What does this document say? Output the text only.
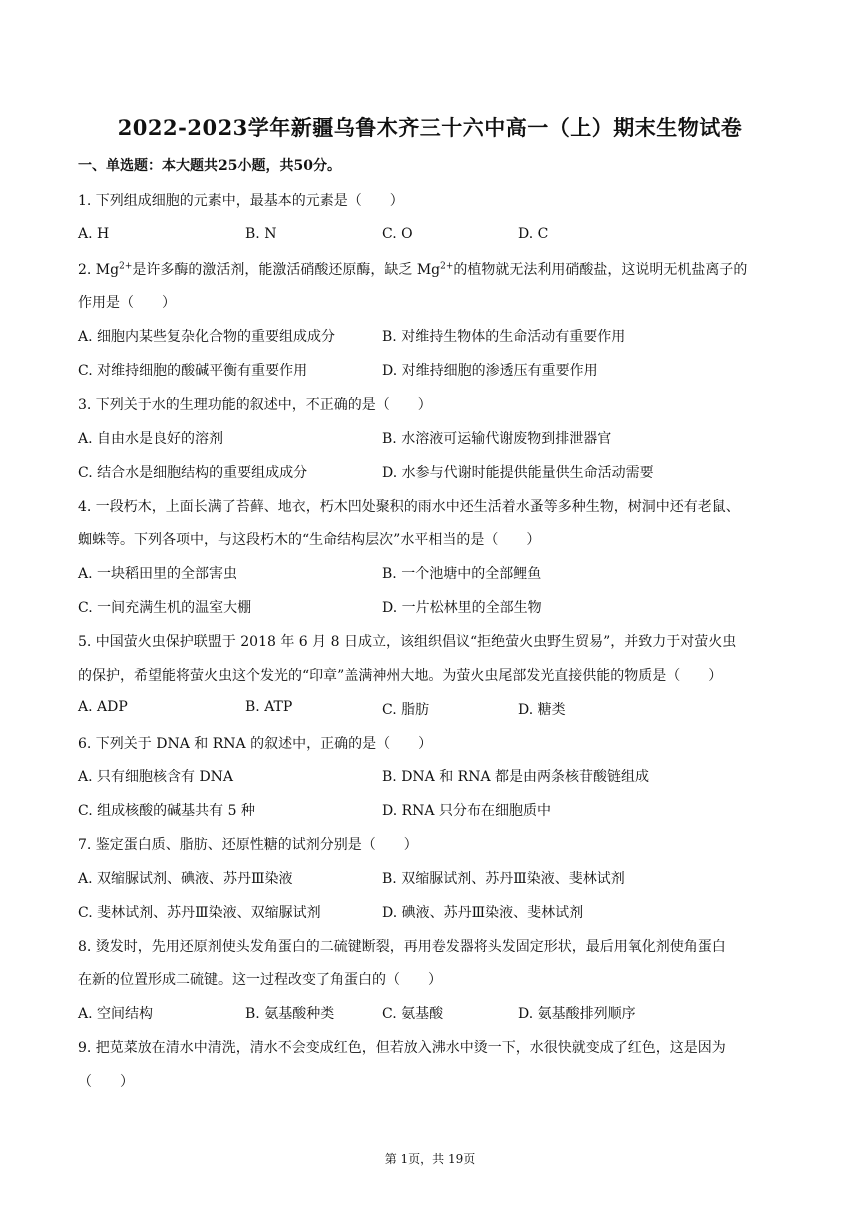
2022-2023学年新疆乌鲁木齐三十六中高一（上）期末生物试卷
一、单选题：本大题共25小题，共50分。
1. 下列组成细胞的元素中，最基本的元素是（　　）
A. H	B. N	C. O	D. C
2. $Mg^{2+}$是许多酶的激活剂，能激活硝酸还原酶，缺乏 $Mg^{2+}$的植物就无法利用硝酸盐，这说明无机盐离子的
作用是（　　）
A. 细胞内某些复杂化合物的重要组成成分	B. 对维持生物体的生命活动有重要作用
C. 对维持细胞的酸碱平衡有重要作用	D. 对维持细胞的渗透压有重要作用
3. 下列关于水的生理功能的叙述中，不正确的是（　　）
A. 自由水是良好的溶剂	B. 水溶液可运输代谢废物到排泄器官
C. 结合水是细胞结构的重要组成成分	D. 水参与代谢时能提供能量供生命活动需要
4. 一段朽木，上面长满了苔藓、地衣，朽木凹处聚积的雨水中还生活着水蚤等多种生物，树洞中还有老鼠、
蜘蛛等。下列各项中，与这段朽木的“生命结构层次”水平相当的是（　　）
A. 一块稻田里的全部害虫	B. 一个池塘中的全部鲤鱼
C. 一间充满生机的温室大棚	D. 一片松林里的全部生物
5. 中国萤火虫保护联盟于 2018 年 6 月 8 日成立，该组织倡议“拒绝萤火虫野生贸易”，并致力于对萤火虫
的保护，希望能将萤火虫这个发光的“印章”盖满神州大地。为萤火虫尾部发光直接供能的物质是（　　）
A. ADP	B. ATP	C. 脂肪	D. 糖类
6. 下列关于 DNA 和 RNA 的叙述中，正确的是（　　）
A. 只有细胞核含有 DNA	B. DNA 和 RNA 都是由两条核苷酸链组成
C. 组成核酸的碱基共有 5 种	D. RNA 只分布在细胞质中
7. 鉴定蛋白质、脂肪、还原性糖的试剂分别是（　　）
A. 双缩脲试剂、碘液、苏丹Ⅲ染液	B. 双缩脲试剂、苏丹Ⅲ染液、斐林试剂
C. 斐林试剂、苏丹Ⅲ染液、双缩脲试剂	D. 碘液、苏丹Ⅲ染液、斐林试剂
8. 烫发时，先用还原剂使头发角蛋白的二硫键断裂，再用卷发器将头发固定形状，最后用氧化剂使角蛋白
在新的位置形成二硫键。这一过程改变了角蛋白的（　　）
A. 空间结构	B. 氨基酸种类	C. 氨基酸	D. 氨基酸排列顺序
9. 把苋菜放在清水中清洗，清水不会变成红色，但若放入沸水中烫一下，水很快就变成了红色，这是因为
（　　）
第 1页，共 19页
